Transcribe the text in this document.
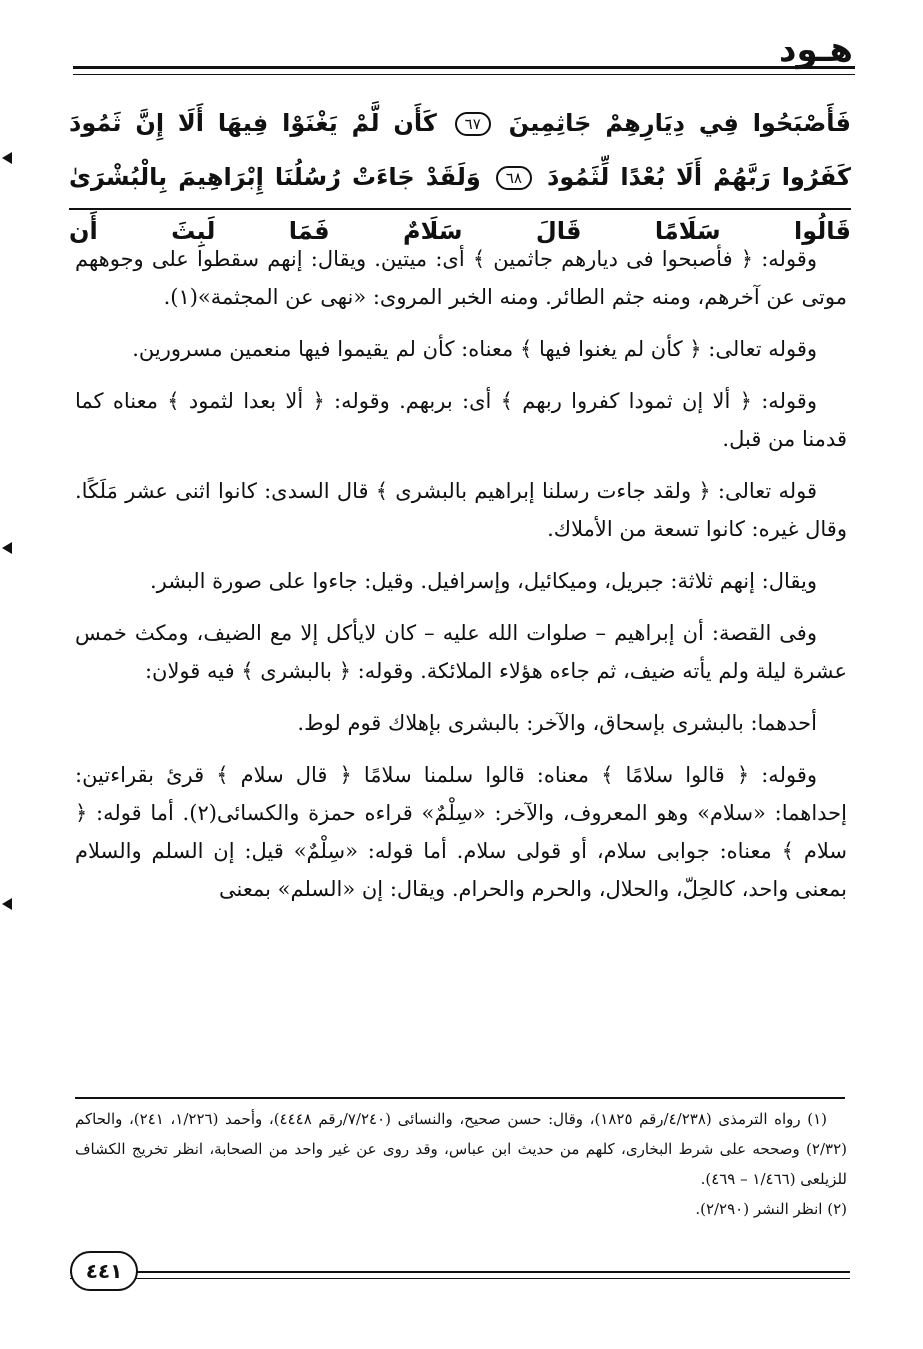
هـود
فَأَصْبَحُوا فِي دِيَارِهِمْ جَاثِمِينَ ٦٧ كَأَن لَّمْ يَغْنَوْا فِيهَا أَلَا إِنَّ ثَمُودَ كَفَرُوا رَبَّهُمْ أَلَا بُعْدًا لِّثَمُودَ ٦٨ وَلَقَدْ جَاءَتْ رُسُلُنَا إِبْرَاهِيمَ بِالْبُشْرَىٰ قَالُوا سَلَامًا قَالَ سَلَامٌ فَمَا لَبِثَ أَن

وقوله: ﴿ فأصبحوا فى ديارهم جاثمين ﴾ أى: ميتين. ويقال: إنهم سقطوا على وجوههم موتى عن آخرهم، ومنه جثم الطائر. ومنه الخبر المروى: «نهى عن المجثمة»(١).

وقوله تعالى: ﴿ كأن لم يغنوا فيها ﴾ معناه: كأن لم يقيموا فيها منعمين مسرورين.

وقوله: ﴿ ألا إن ثمودا كفروا ربهم ﴾ أى: بربهم. وقوله: ﴿ ألا بعدا لثمود ﴾ معناه كما قدمنا من قبل.

قوله تعالى: ﴿ ولقد جاءت رسلنا إبراهيم بالبشرى ﴾ قال السدى: كانوا اثنى عشر مَلَكًا. وقال غيره: كانوا تسعة من الأملاك.

ويقال: إنهم ثلاثة: جبريل، وميكائيل، وإسرافيل. وقيل: جاءوا على صورة البشر.

وفى القصة: أن إبراهيم – صلوات الله عليه – كان لايأكل إلا مع الضيف، ومكث خمس عشرة ليلة ولم يأته ضيف، ثم جاءه هؤلاء الملائكة. وقوله: ﴿ بالبشرى ﴾ فيه قولان:

أحدهما: بالبشرى بإسحاق، والآخر: بالبشرى بإهلاك قوم لوط.

وقوله: ﴿ قالوا سلامًا ﴾ معناه: قالوا سلمنا سلامًا ﴿ قال سلام ﴾ قرئ بقراءتين: إحداهما: «سلام» وهو المعروف، والآخر: «سِلْمٌ» قراءه حمزة والكسائى(٢). أما قوله: ﴿ سلام ﴾ معناه: جوابى سلام، أو قولى سلام. أما قوله: «سِلْمٌ» قيل: إن السلم والسلام بمعنى واحد، كالحِلّ، والحلال، والحرم والحرام. ويقال: إن «السلم» بمعنى

(١) رواه الترمذى (٤/٢٣٨/رقم ١٨٢٥)، وقال: حسن صحيح، والنسائى (٧/٢٤٠/رقم ٤٤٤٨)، وأحمد (١/٢٢٦، ٢٤١)، والحاكم (٢/٣٢) وصححه على شرط البخارى، كلهم من حديث ابن عباس، وقد روى عن غير واحد من الصحابة، انظر تخريج الكشاف للزيلعى (١/٤٦٦ – ٤٦٩).

(٢) انظر النشر (٢/٢٩٠).

٤٤١
